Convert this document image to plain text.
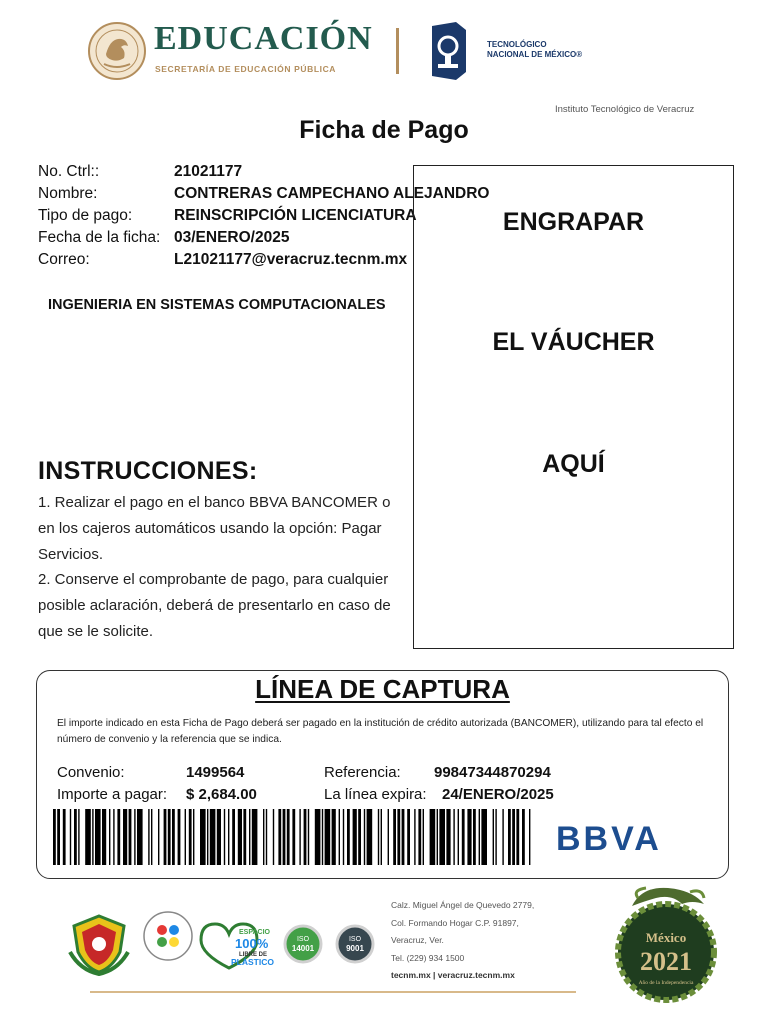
EDUCACIÓN
SECRETARÍA DE EDUCACIÓN PÚBLICA
TECNOLÓGICO
NACIONAL DE MÉXICO®
Instituto Tecnológico de Veracruz
Ficha de Pago
No. Ctrl::	21021177
Nombre:	CONTRERAS CAMPECHANO ALEJANDRO
Tipo de pago:	REINSCRIPCIÓN LICENCIATURA
Fecha de la ficha: 03/ENERO/2025
Correo:	L21021177@veracruz.tecnm.mx
INGENIERIA EN SISTEMAS COMPUTACIONALES
ENGRAPAR
EL VÁUCHER
AQUÍ
INSTRUCCIONES:

1. Realizar el pago en el banco BBVA BANCOMER o

en los cajeros automáticos usando la opción: Pagar

Servicios.

2. Conserve el comprobante de pago, para cualquier

posible aclaración, deberá de presentarlo en caso de

que se le solicite.

LÍNEA DE CAPTURA
El importe indicado en esta Ficha de Pago deberá ser pagado en la institución de crédito autorizada (BANCOMER), utilizando para tal efecto el número de convenio y la referencia que se indica.
Convenio:	1499564
Importe a pagar: $ 2,684.00
Referencia: 99847344870294
La línea expira: 24/ENERO/2025
BBVA
ESPACIO
100%
LIBRE DE
PLÁSTICO
ISO
14001
ISO
9001
Calz. Miguel Ángel de Quevedo 2779,
Col. Formando Hogar C.P. 91897,
Veracruz, Ver.
Tel. (229) 934 1500
tecnm.mx | veracruz.tecnm.mx
México
2021
Año de la Independencia
